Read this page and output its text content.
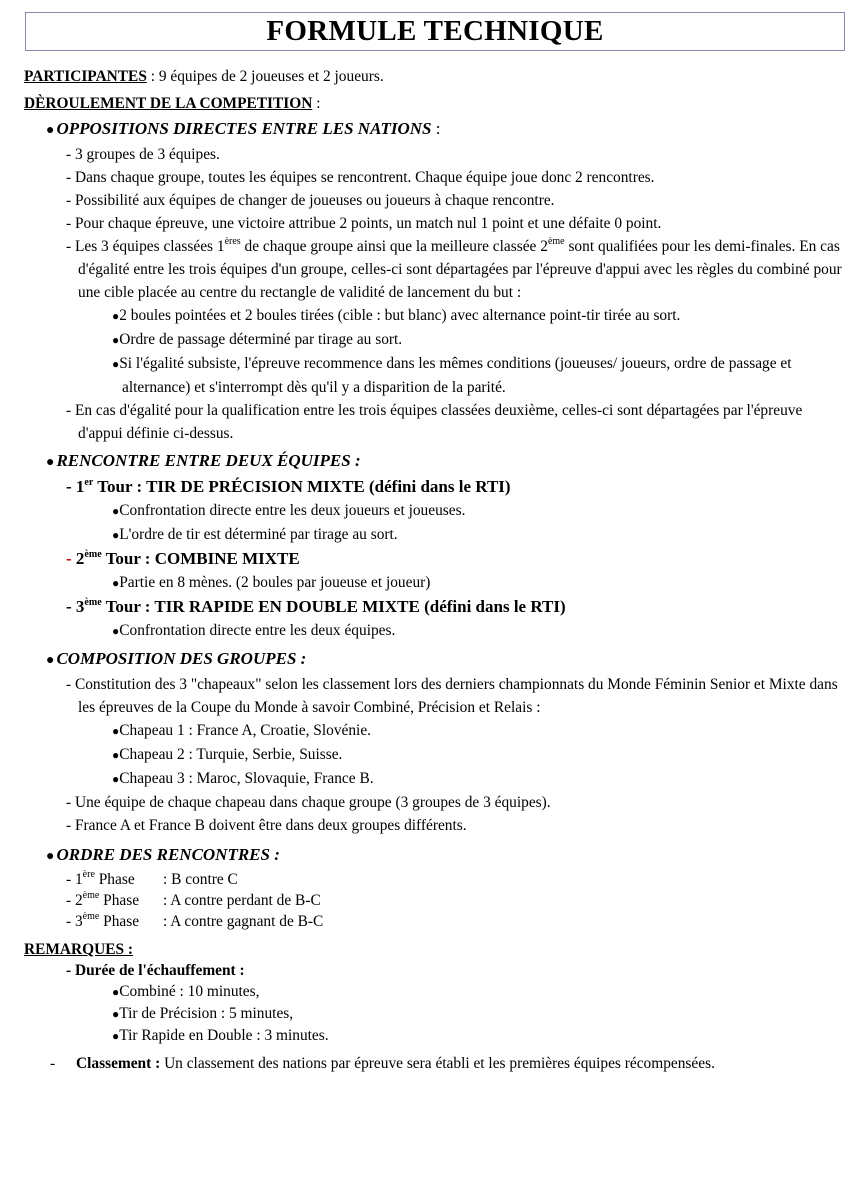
FORMULE TECHNIQUE

PARTICIPANTES : 9 équipes de 2 joueuses et 2 joueurs.

DÈROULEMENT DE LA COMPETITION :

● OPPOSITIONS DIRECTES ENTRE LES NATIONS :
- 3 groupes de 3 équipes.
- Dans chaque groupe, toutes les équipes se rencontrent. Chaque équipe joue donc 2 rencontres.
- Possibilité aux équipes de changer de joueuses ou joueurs à chaque rencontre.
- Pour chaque épreuve, une victoire attribue 2 points, un match nul 1 point et une défaite 0 point.
- Les 3 équipes classées 1ères de chaque groupe ainsi que la meilleure classée 2ème sont qualifiées pour les demi-finales. En cas d'égalité entre les trois équipes d'un groupe, celles-ci sont départagées par l'épreuve d'appui avec les règles du combiné pour une cible placée au centre du rectangle de validité de lancement du but :
●2 boules pointées et 2 boules tirées (cible : but blanc) avec alternance point-tir tirée au sort.
●Ordre de passage déterminé par tirage au sort.
●Si l'égalité subsiste, l'épreuve recommence dans les mêmes conditions (joueuses/ joueurs, ordre de passage et alternance) et s'interrompt dès qu'il y a disparition de la parité.
- En cas d'égalité pour la qualification entre les trois équipes classées deuxième, celles-ci sont départagées par l'épreuve d'appui définie ci-dessus.
● RENCONTRE ENTRE DEUX ÉQUIPES :
- 1er Tour : TIR DE PRÉCISION MIXTE (défini dans le RTI)
●Confrontation directe entre les deux joueurs et joueuses.
●L'ordre de tir est déterminé par tirage au sort.
- 2ème Tour : COMBINE MIXTE
●Partie en 8 mènes. (2 boules par joueuse et joueur)
- 3ème Tour : TIR RAPIDE EN DOUBLE MIXTE (défini dans le RTI)
●Confrontation directe entre les deux équipes.
● COMPOSITION DES GROUPES :
- Constitution des 3 "chapeaux" selon les classement lors des derniers championnats du Monde Féminin Senior et Mixte dans les épreuves de la Coupe du Monde à savoir Combiné, Précision et Relais :
●Chapeau 1 : France A, Croatie, Slovénie.
●Chapeau 2 : Turquie, Serbie, Suisse.
●Chapeau 3 : Maroc, Slovaquie, France B.
- Une équipe de chaque chapeau dans chaque groupe (3 groupes de 3 équipes).
- France A et France B doivent être dans deux groupes différents.
● ORDRE DES RENCONTRES :
- 1ère Phase : B contre C
- 2ème Phase : A contre perdant de B-C
- 3ème Phase : A contre gagnant de B-C

REMARQUES :

- Durée de l'échauffement :
●Combiné : 10 minutes,
●Tir de Précision : 5 minutes,
●Tir Rapide en Double : 3 minutes.
- Classement : Un classement des nations par épreuve sera établi et les premières équipes récompensées.
